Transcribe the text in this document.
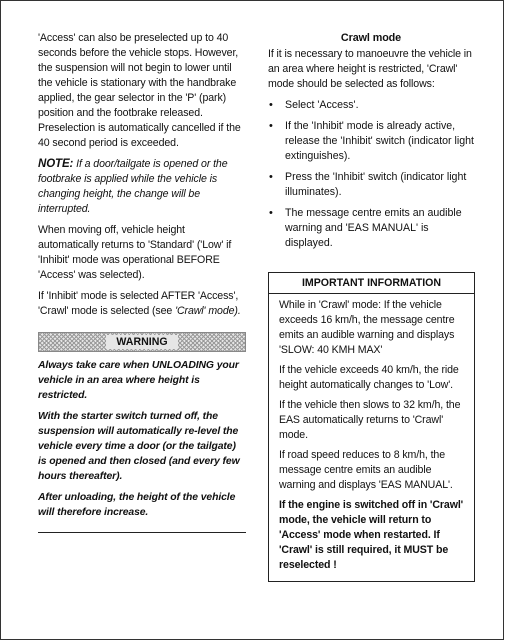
'Access' can also be preselected up to 40 seconds before the vehicle stops. However, the suspension will not begin to lower until the vehicle is stationary with the handbrake applied, the gear selector in the 'P' (park) position and the footbrake released. Preselection is automatically cancelled if the 40 second period is exceeded.

NOTE: If a door/tailgate is opened or the footbrake is applied while the vehicle is changing height, the change will be interrupted.

When moving off, vehicle height automatically returns to 'Standard' ('Low' if 'Inhibit' mode was operational BEFORE 'Access' was selected).

If 'Inhibit' mode is selected AFTER 'Access', 'Crawl' mode is selected (see 'Crawl' mode).

WARNING

Always take care when UNLOADING your vehicle in an area where height is restricted.

With the starter switch turned off, the suspension will automatically re-level the vehicle every time a door (or the tailgate) is opened and then closed (and every few hours thereafter).

After unloading, the height of the vehicle will therefore increase.

Crawl mode

If it is necessary to manoeuvre the vehicle in an area where height is restricted, 'Crawl' mode should be selected as follows:

• Select 'Access'.
• If the 'Inhibit' mode is already active, release the 'Inhibit' switch (indicator light extinguishes).
• Press the 'Inhibit' switch (indicator light illuminates).
• The message centre emits an audible warning and 'EAS MANUAL' is displayed.
IMPORTANT INFORMATION

While in 'Crawl' mode: If the vehicle exceeds 16 km/h, the message centre emits an audible warning and displays 'SLOW: 40 KMH MAX'

If the vehicle exceeds 40 km/h, the ride height automatically changes to 'Low'.

If the vehicle then slows to 32 km/h, the EAS automatically returns to 'Crawl' mode.

If road speed reduces to 8 km/h, the message centre emits an audible warning and displays 'EAS MANUAL'.

If the engine is switched off in 'Crawl' mode, the vehicle will return to 'Access' mode when restarted. If 'Crawl' is still required, it MUST be reselected !
